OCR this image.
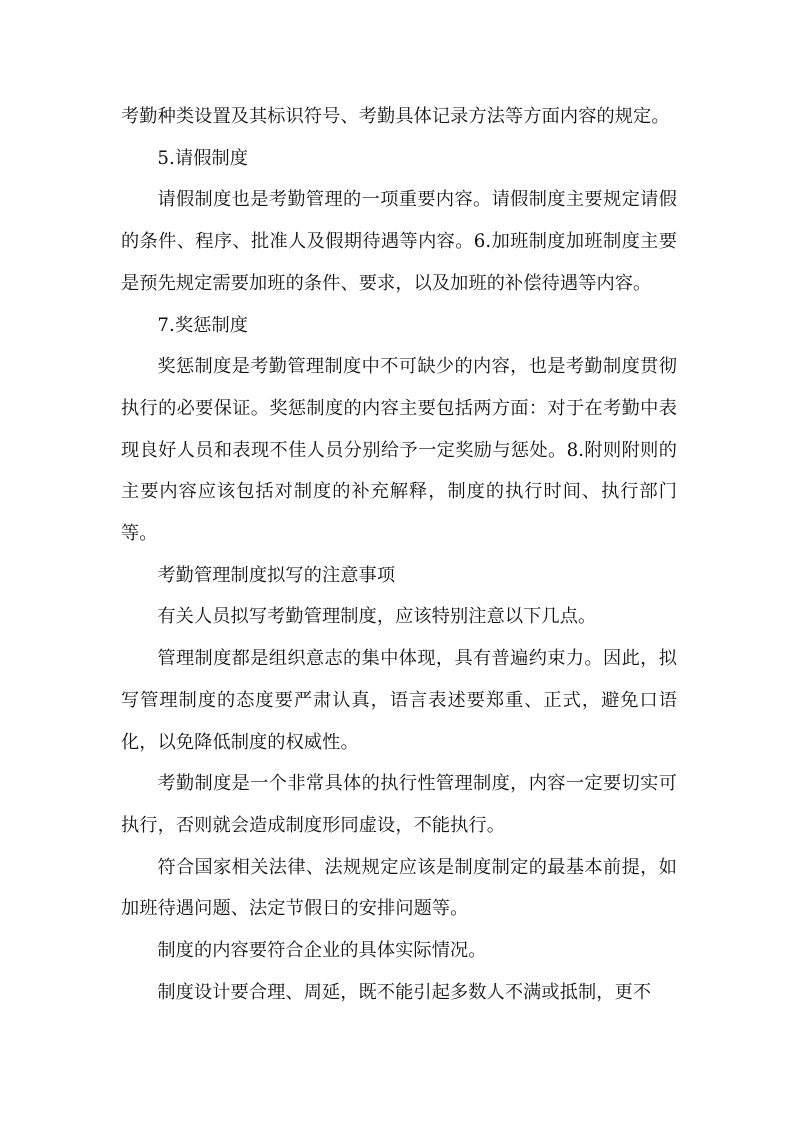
考勤种类设置及其标识符号、考勤具体记录方法等方面内容的规定。

5.请假制度

请假制度也是考勤管理的一项重要内容。请假制度主要规定请假的条件、程序、批准人及假期待遇等内容。6.加班制度加班制度主要是预先规定需要加班的条件、要求，以及加班的补偿待遇等内容。

7.奖惩制度

奖惩制度是考勤管理制度中不可缺少的内容，也是考勤制度贯彻执行的必要保证。奖惩制度的内容主要包括两方面：对于在考勤中表现良好人员和表现不佳人员分别给予一定奖励与惩处。8.附则附则的主要内容应该包括对制度的补充解释，制度的执行时间、执行部门等。

考勤管理制度拟写的注意事项

有关人员拟写考勤管理制度，应该特别注意以下几点。

管理制度都是组织意志的集中体现，具有普遍约束力。因此，拟写管理制度的态度要严肃认真，语言表述要郑重、正式，避免口语化，以免降低制度的权威性。

考勤制度是一个非常具体的执行性管理制度，内容一定要切实可执行，否则就会造成制度形同虚设，不能执行。

符合国家相关法律、法规规定应该是制度制定的最基本前提，如加班待遇问题、法定节假日的安排问题等。

制度的内容要符合企业的具体实际情况。

制度设计要合理、周延，既不能引起多数人不满或抵制，更不
